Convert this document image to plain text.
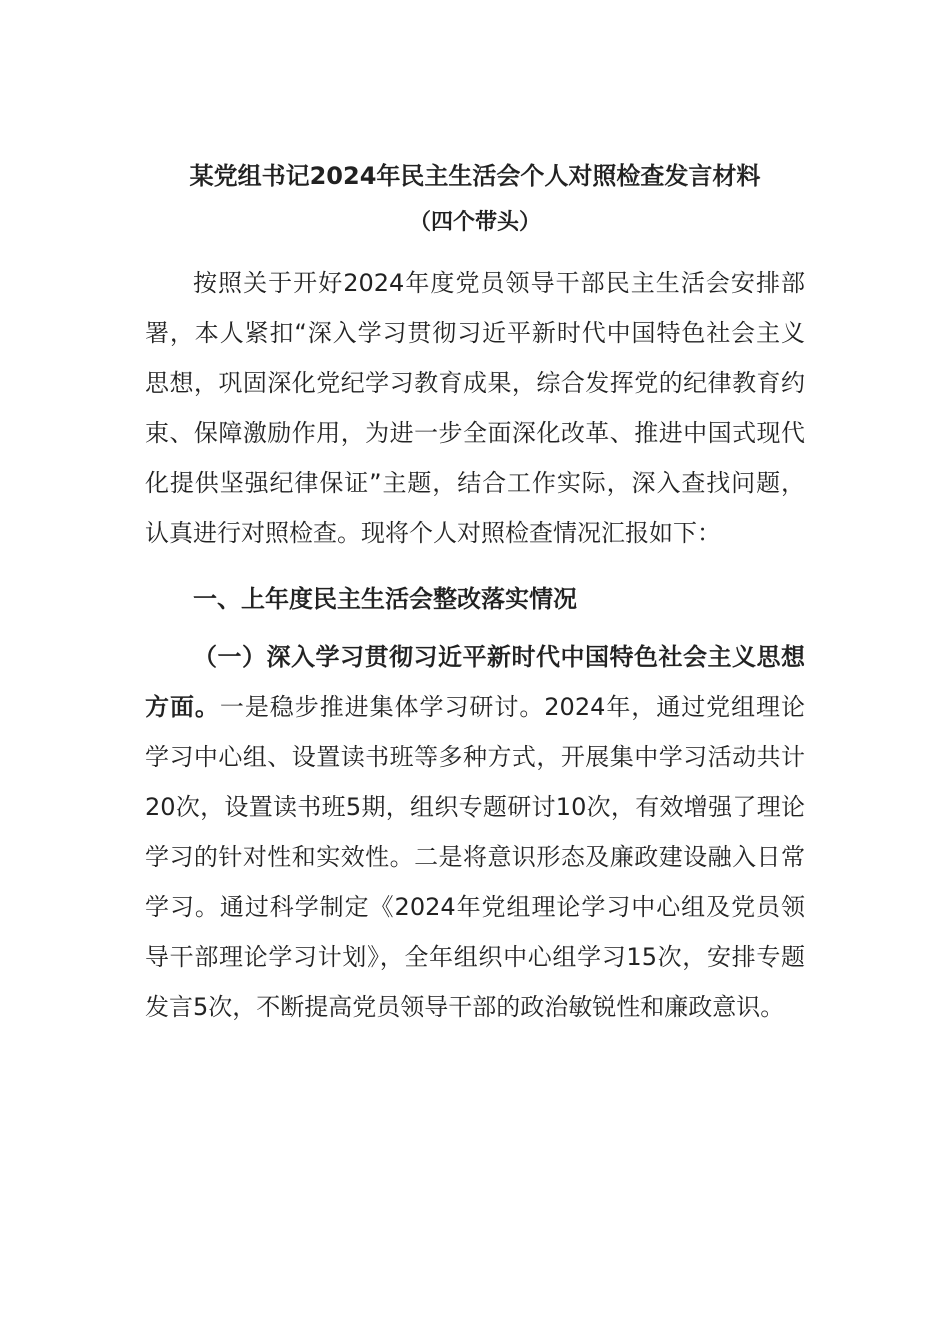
某党组书记2024年民主生活会个人对照检查发言材料
（四个带头）

按照关于开好2024年度党员领导干部民主生活会安排部署，本人紧扣“深入学习贯彻习近平新时代中国特色社会主义思想，巩固深化党纪学习教育成果，综合发挥党的纪律教育约束、保障激励作用，为进一步全面深化改革、推进中国式现代化提供坚强纪律保证”主题，结合工作实际，深入查找问题，认真进行对照检查。现将个人对照检查情况汇报如下：

一、上年度民主生活会整改落实情况

（一）深入学习贯彻习近平新时代中国特色社会主义思想方面。一是稳步推进集体学习研讨。2024年，通过党组理论学习中心组、设置读书班等多种方式，开展集中学习活动共计20次，设置读书班5期，组织专题研讨10次，有效增强了理论学习的针对性和实效性。二是将意识形态及廉政建设融入日常学习。通过科学制定《2024年党组理论学习中心组及党员领导干部理论学习计划》，全年组织中心组学习15次，安排专题发言5次，不断提高党员领导干部的政治敏锐性和廉政意识。
